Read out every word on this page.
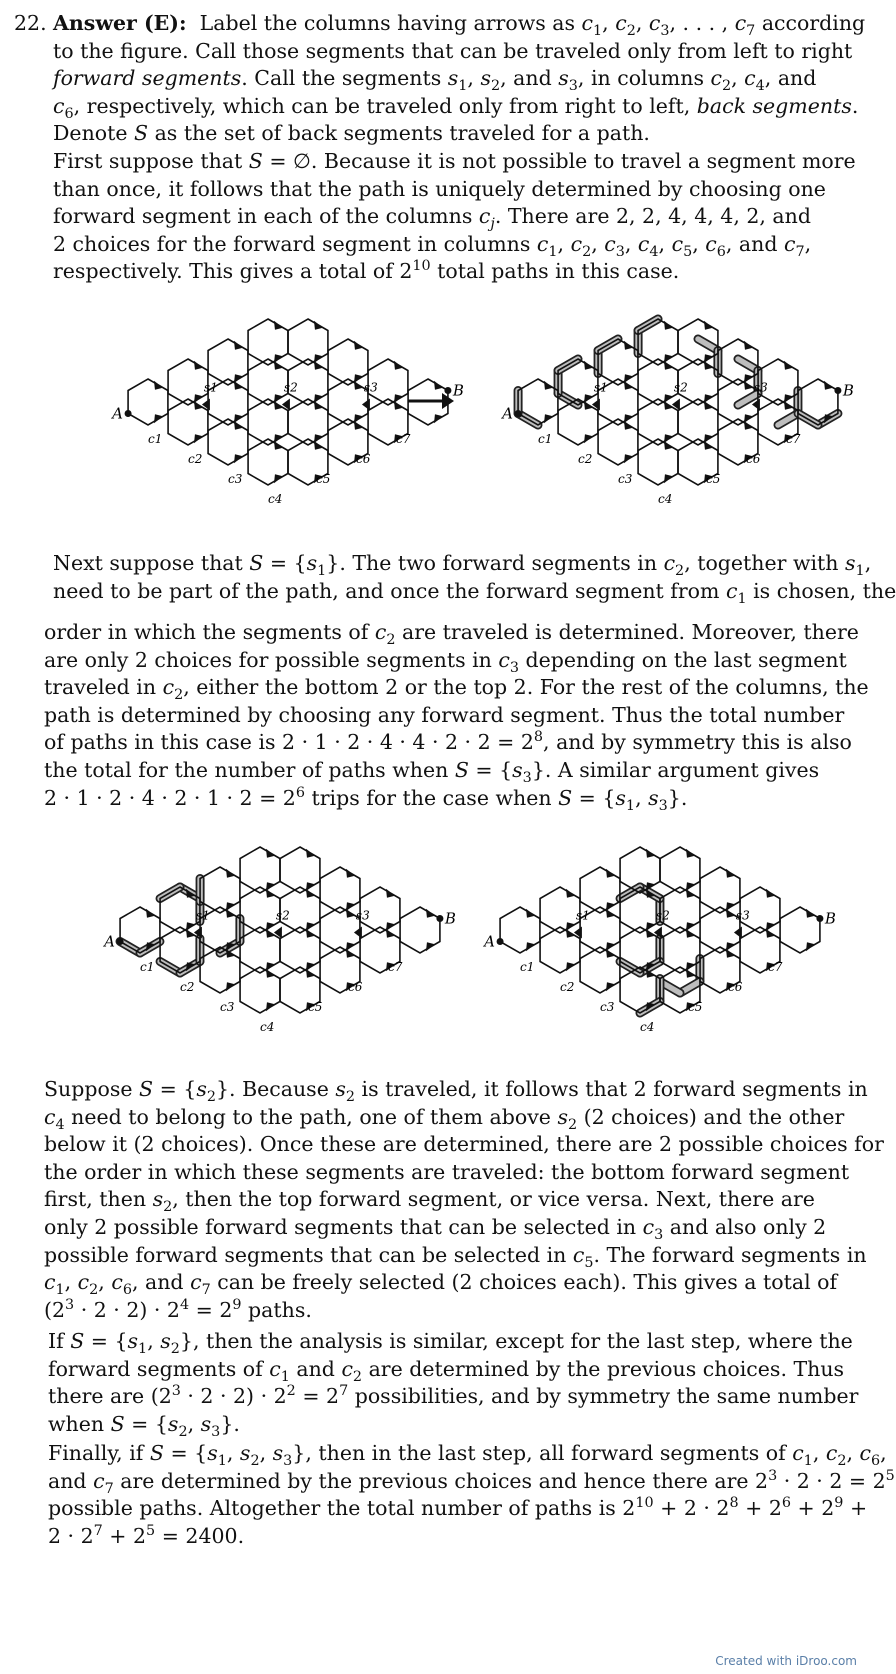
22. Answer (E):  Label the columns having arrows as $c_1$, $c_2$, $c_3$, . . . , $c_7$ according
to the figure. Call those segments that can be traveled only from left to right
forward segments. Call the segments $s_1$, $s_2$, and $s_3$, in columns $c_2$, $c_4$, and
$c_6$, respectively, which can be traveled only from right to left, back segments.
Denote S as the set of back segments traveled for a path.
First suppose that S = ∅. Because it is not possible to travel a segment more
than once, it follows that the path is uniquely determined by choosing one
forward segment in each of the columns $c_j$. There are 2, 2, 4, 4, 4, 2, and
2 choices for the forward segment in columns $c_1$, $c_2$, $c_3$, $c_4$, $c_5$, $c_6$, and $c_7$,
respectively. This gives a total of $2^{10}$ total paths in this case.
s1	s2	s3
A
B
c1
c2
c3
c4
c5
c6
c7
s1	s2	s3
A
B
c1
c2
c3
c4
c5
c6
c7
Next suppose that $S = \{s_1\}$. The two forward segments in $c_2$, together with $s_1$,
need to be part of the path, and once the forward segment from $c_1$ is chosen, the
order in which the segments of $c_2$ are traveled is determined. Moreover, there
are only 2 choices for possible segments in $c_3$ depending on the last segment
traveled in $c_2$, either the bottom 2 or the top 2. For the rest of the columns, the
path is determined by choosing any forward segment. Thus the total number
of paths in this case is $2 \cdot 1 \cdot 2 \cdot 4 \cdot 4 \cdot 2 \cdot 2 = 2^8$, and by symmetry this is also
the total for the number of paths when $S = \{s_3\}$. A similar argument gives
$2 \cdot 1 \cdot 2 \cdot 4 \cdot 2 \cdot 1 \cdot 2 = 2^6$ trips for the case when $S = \{s_1$, $s_3$}.
s1	s2	s3
A
B
c1
c2
c3
c4
c5
c6
c7
s1	s2	s3
A
B
c1
c2
c3
c4
c5
c6
c7
Suppose $S = \{s_2\}$. Because $s_2$ is traveled, it follows that 2 forward segments in
$c_4$ need to belong to the path, one of them above $s_2$ (2 choices) and the other
below it (2 choices). Once these are determined, there are 2 possible choices for
the order in which these segments are traveled: the bottom forward segment
first, then $s_2$, then the top forward segment, or vice versa. Next, there are
only 2 possible forward segments that can be selected in $c_3$ and also only 2
possible forward segments that can be selected in $c_5$. The forward segments in
$c_1$, $c_2$, $c_6$, and $c_7$ can be freely selected (2 choices each). This gives a total of
$(2^3 \cdot 2 \cdot 2) \cdot 2^4 = 2^9$ paths.
If $S = \{s_1$, $s_2$}, then the analysis is similar, except for the last step, where the
forward segments of $c_1$ and $c_2$ are determined by the previous choices. Thus
there are $(2^3 \cdot 2 \cdot 2) \cdot 2^2 = 2^7$ possibilities, and by symmetry the same number
when $S = \{s_2$, $s_3$}.
Finally, if $S = \{s_1$, $s_2$, $s_3$}, then in the last step, all forward segments of $c_1$, $c_2$, $c_6$,
and $c_7$ are determined by the previous choices and hence there are $2^3 \cdot 2 \cdot 2 = 2^5$
possible paths. Altogether the total number of paths is $2^{10} + 2 \cdot 2^8 + 2^6 + 2^9$ +
$2 \cdot 2^7 + 2^5 = 2400$.
Created with iDroo.com
